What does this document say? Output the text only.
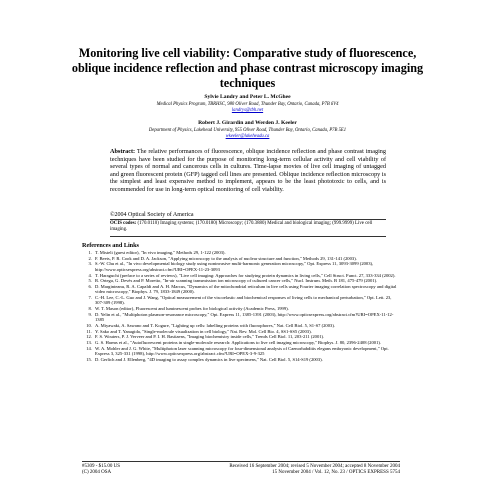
Monitoring live cell viability: Comparative study of fluorescence, oblique incidence reflection and phase contrast microscopy imaging techniques
Sylvie Landry and Peter L. McGhee
Medical Physics Program, TBRHSC, 980 Oliver Road, Thunder Bay, Ontario, Canada, P7B 6V4
landrys@tbh.net
Robert J. Girardin and Werden J. Keeler
Department of Physics, Lakehead University, 955 Oliver Road, Thunder Bay, Ontario, Canada, P7B 5E1
wkeeler@lakeheadu.ca
Abstract: The relative performances of fluorescence, oblique incidence reflection and phase contrast imaging techniques have been studied for the purpose of monitoring long-term cellular activity and cell viability of several types of normal and cancerous cells in cultures. Time-lapse movies of live cell imaging of untagged and green fluorescent protein (GFP) tagged cell lines are presented. Oblique incidence reflection microscopy is the simplest and least expensive method to implement, appears to be the least phototoxic to cells, and is recommended for use in long-term optical monitoring of cell viability.
©2004 Optical Society of America
OCIS codes: (170.0110) Imaging systems; (170.0180) Microscopy; (170.3880) Medical and biological imaging; (999.9999) Live cell imaging.
References and Links
1. T. Misteli (guest editor), "In vivo imaging," Methods 29, 1-122 (2003).
2. F. Beets, P. R. Cook and D. A. Jackson, "Applying microscopy to the analysis of nuclear structure and function," Methods 29, 131-141 (2003).
3. S.-W. Chu et al., "In vivo developmental biology study using noninvasive multi-harmonic generation microscopy," Opt. Express 11, 3093-3099 (2003), http://www.opticsexpress.org/abstract.cfm?URI=OPEX-11-23-3093
4. T. Haraguchi (preface to a series of reviews), "Live cell imaging: Approaches for studying protein dynamics in living cells," Cell Struct. Funct. 27, 333-334 (2002).
5. R. Ortega, G. Devès and P. Moretto, "In-air scanning transmission ion microscopy of cultured cancer cells," Nucl. Instrum. Meth. B 181, 475-479 (2001).
6. D. Marginteanu, R. A. Capaldi and A. H. Marcus, "Dynamics of the mitochondrial reticulum in live cells using Fourier imaging correlation spectroscopy and digital video microscopy," Biophys. J. 79, 1833-1849 (2000).
7. C.-H. Lee, C.-L. Guo and J. Wang, "Optical measurement of the viscoelastic and biochemical responses of living cells to mechanical perturbation," Opt. Lett. 23, 307-309 (1998).
8. W. T. Mason (editor), Fluorescent and luminescent probes for biological activity (Academic Press, 1999).
9. D. Yelin et al., "Multiphoton plasmon-resonance microscopy," Opt. Express 11, 1385-1391 (2003), http://www.opticsexpress.org/abstract.cfm?URI=OPEX-11-12-1385
10. A. Miyawaki, A. Sawano and T. Kogure, "Lighting up cells: labelling proteins with fluorophores," Nat. Cell Biol. 5, S1-S7 (2003).
11. Y. Sako and T. Yanagida, "Single-molecule visualization in cell biology," Nat. Rev. Mol. Cell Bio. 4, SS1-SS5 (2003).
12. F. S. Wouters, P. J. Verveer and P. I. H. Bastiaens, "Imaging biochemistry inside cells," Trends Cell Biol. 11, 203-211 (2001).
13. G. S. Harms et al., "Autofluorescent proteins in single-molecule research: Applications to live cell imaging microscopy," Biophys. J. 80, 2396-2408 (2001).
14. W. A. Mohler and J. G. White, "Multiphoton laser scanning microscopy for four-dimensional analysis of Caenorhabditis elegans embryonic development," Opt. Express 3, 325-331 (1998), http://www.opticsexpress.org/abstract.cfm?URI=OPEX-3-9-325
15. D. Gerlich and J. Ellenberg, "4D imaging to assay complex dynamics in live specimens," Nat. Cell Biol. 5, S14-S19 (2003).
#5309 - $15.00 US
(C) 2004 OSA
Received 16 September 2004; revised 5 November 2004; accepted 8 November 2004
15 November 2004 / Vol. 12, No. 23 / OPTICS EXPRESS 5754
